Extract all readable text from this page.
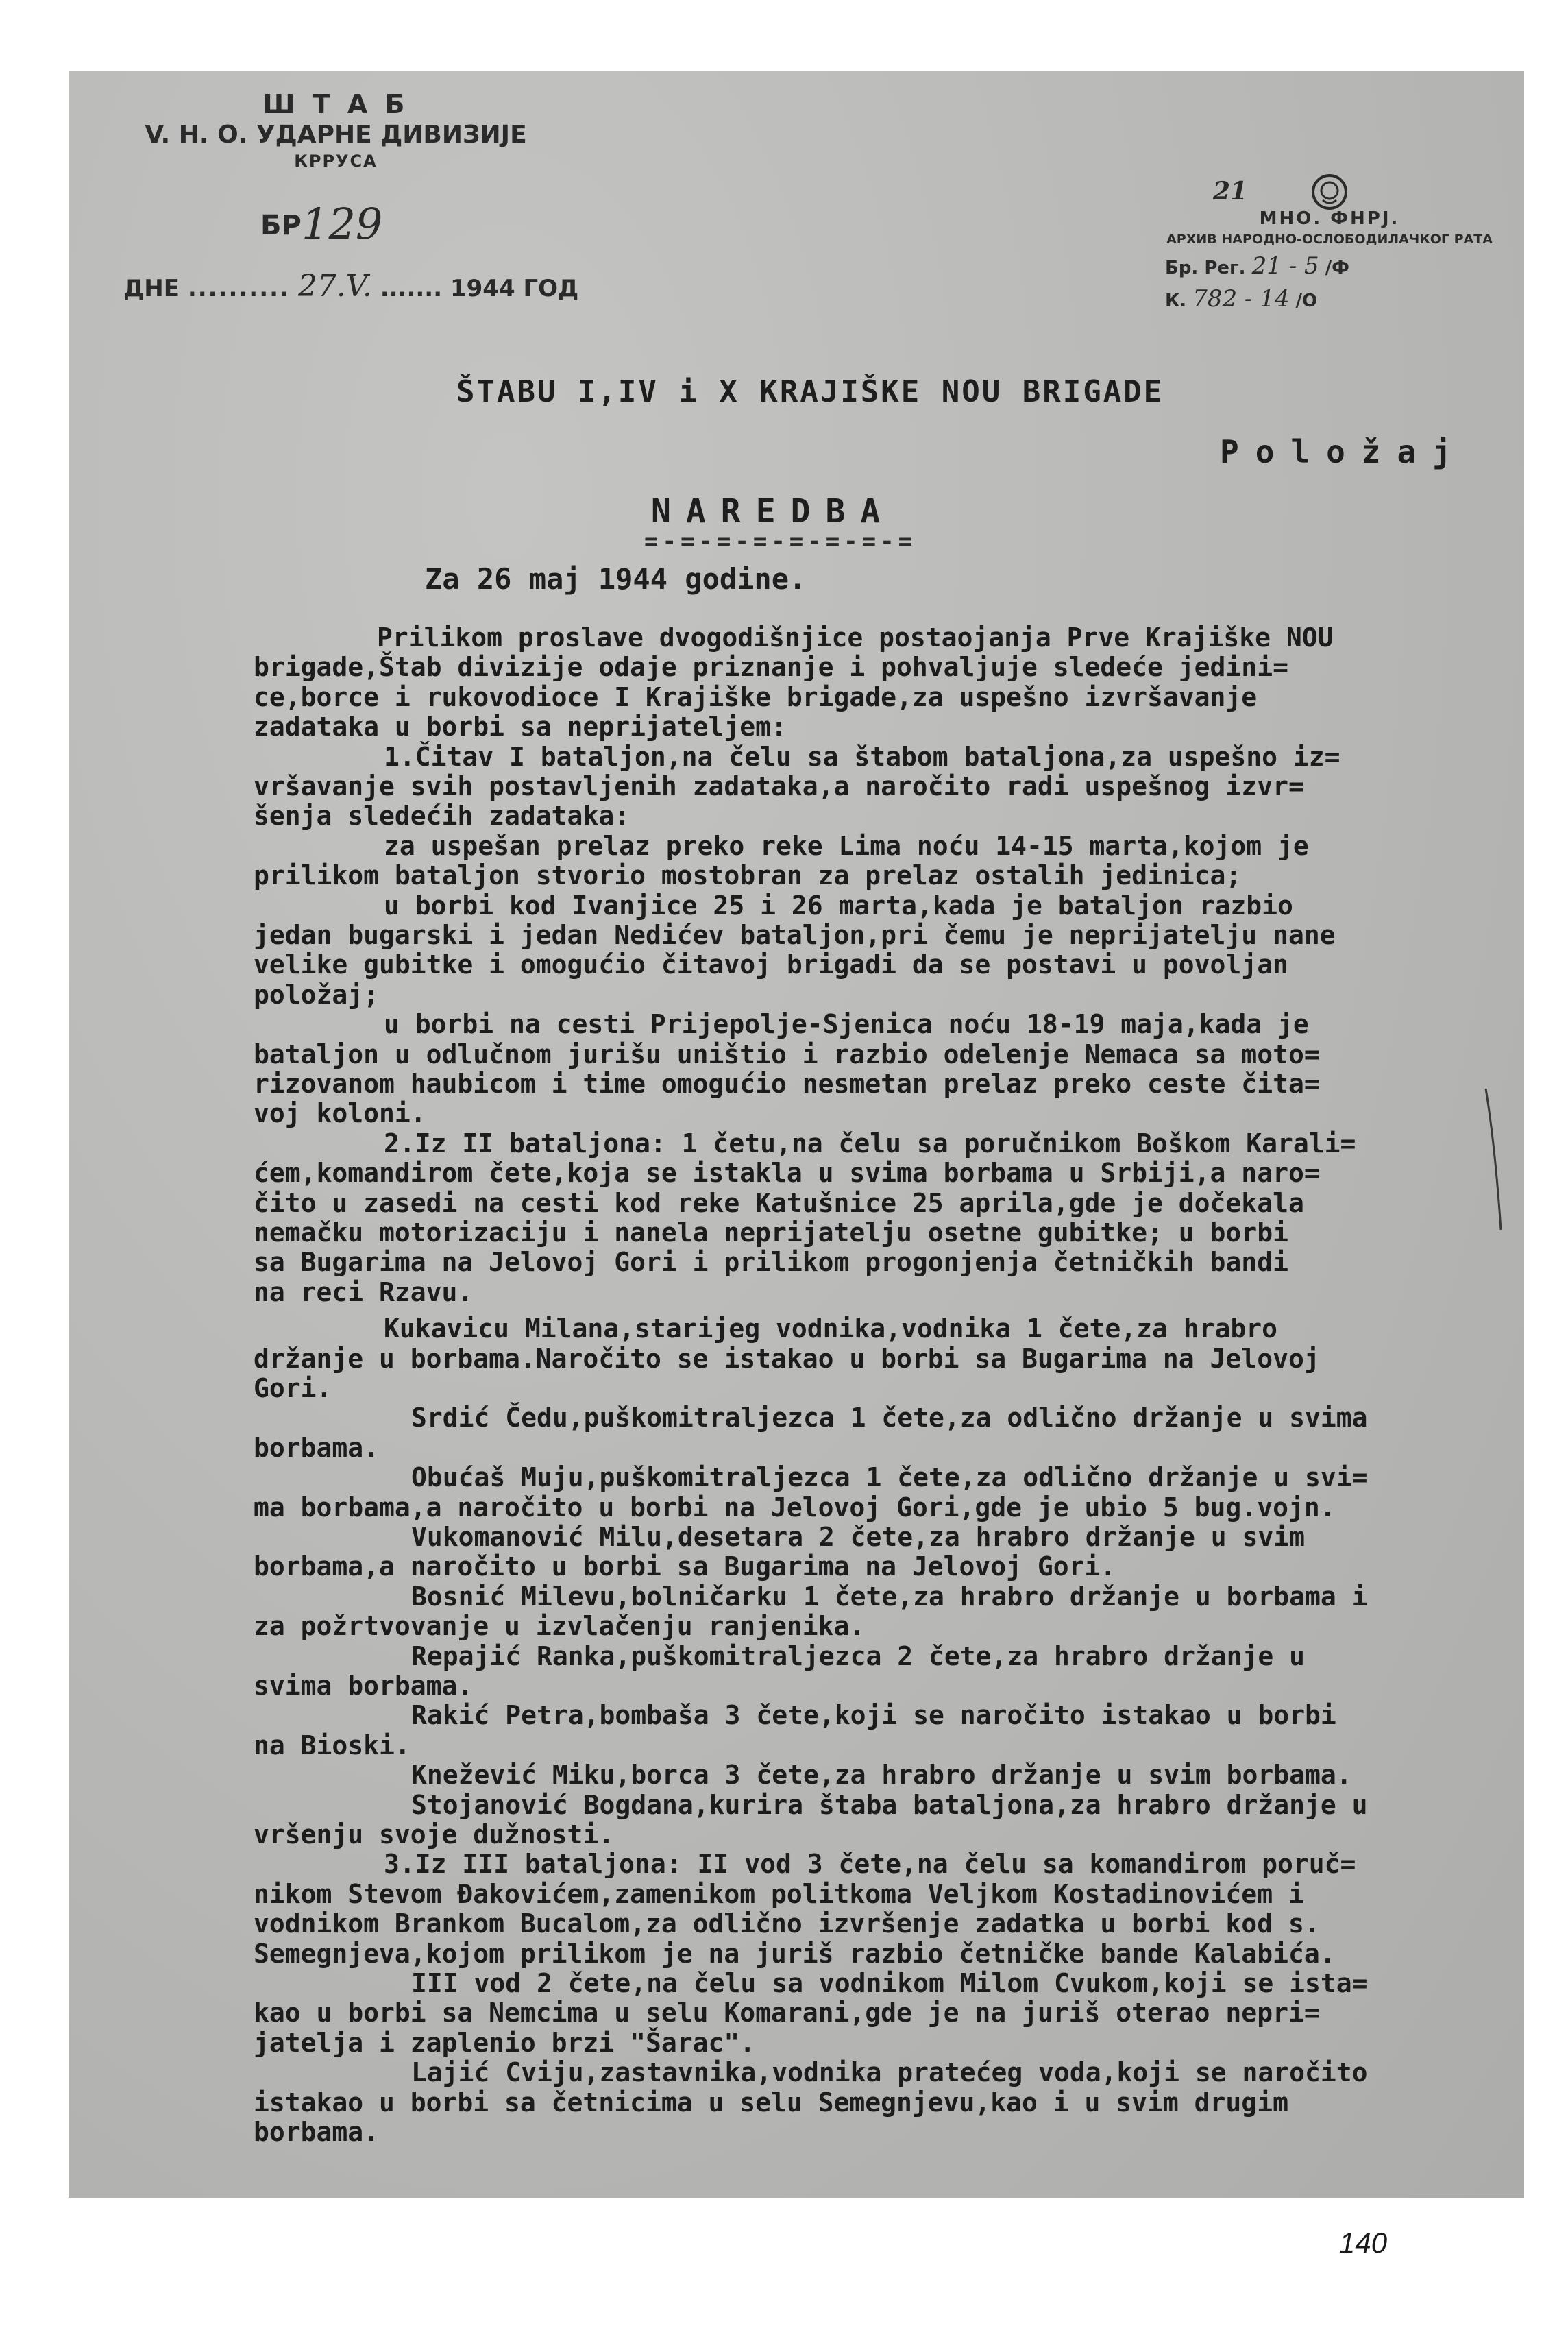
Ш Т А Б
V. Н. О. УДАРНЕ ДИВИЗИЈЕ
КРРУСА
БР 129
ДНЕ .......... 27.V. ....... 1944 ГОД
21
МНО. ФНРЈ.
АРХИВ НАРОДНО-ОСЛОБОДИЛАЧКОГ РАТА
Бр. Рег. 21 - 5 /Ф
К. 782 - 14 /О
ŠTABU I,IV i X KRAJIŠKE NOU BRIGADE
Položaj
NAREDBA
=-=-=-=-=-=-=-=
Za 26 maj 1944 godine.
Prilikom proslave dvogodišnjice postaojanja Prve Krajiške NOU
brigade,Štab divizije odaje priznanje i pohvaljuje sledeće jedini=
ce,borce i rukovodioce I Krajiške brigade,za uspešno izvršavanje
zadataka u borbi sa neprijateljem:
1.Čitav I bataljon,na čelu sa štabom bataljona,za uspešno iz=
vršavanje svih postavljenih zadataka,a naročito radi uspešnog izvr=
šenja sledećih zadataka:
za uspešan prelaz preko reke Lima noću 14-15 marta,kojom je
prilikom bataljon stvorio mostobran za prelaz ostalih jedinica;
u borbi kod Ivanjice 25 i 26 marta,kada je bataljon razbio
jedan bugarski i jedan Nedićev bataljon,pri čemu je neprijatelju nane
velike gubitke i omogućio čitavoj brigadi da se postavi u povoljan
položaj;
u borbi na cesti Prijepolje-Sjenica noću 18-19 maja,kada je
bataljon u odlučnom jurišu uništio i razbio odelenje Nemaca sa moto=
rizovanom haubicom i time omogućio nesmetan prelaz preko ceste čita=
voj koloni.
2.Iz II bataljona: 1 četu,na čelu sa poručnikom Boškom Karali=
ćem,komandirom čete,koja se istakla u svima borbama u Srbiji,a naro=
čito u zasedi na cesti kod reke Katušnice 25 aprila,gde je dočekala
nemačku motorizaciju i nanela neprijatelju osetne gubitke; u borbi
sa Bugarima na Jelovoj Gori i prilikom progonjenja četničkih bandi
na reci Rzavu.
Kukavicu Milana,starijeg vodnika,vodnika 1 čete,za hrabro
držanje u borbama.Naročito se istakao u borbi sa Bugarima na Jelovoj
Gori.
Srdić Čedu,puškomitraljezca 1 čete,za odlično držanje u svima
borbama.
Obućaš Muju,puškomitraljezca 1 čete,za odlično držanje u svi=
ma borbama,a naročito u borbi na Jelovoj Gori,gde je ubio 5 bug.vojn.
Vukomanović Milu,desetara 2 čete,za hrabro držanje u svim
borbama,a naročito u borbi sa Bugarima na Jelovoj Gori.
Bosnić Milevu,bolničarku 1 čete,za hrabro držanje u borbama i
za požrtvovanje u izvlačenju ranjenika.
Repajić Ranka,puškomitraljezca 2 čete,za hrabro držanje u
svima borbama.
Rakić Petra,bombaša 3 čete,koji se naročito istakao u borbi
na Bioski.
Knežević Miku,borca 3 čete,za hrabro držanje u svim borbama.
Stojanović Bogdana,kurira štaba bataljona,za hrabro držanje u
vršenju svoje dužnosti.
3.Iz III bataljona: II vod 3 čete,na čelu sa komandirom poruč=
nikom Stevom Đakovićem,zamenikom politkoma Veljkom Kostadinovićem i
vodnikom Brankom Bucalom,za odlično izvršenje zadatka u borbi kod s.
Semegnjeva,kojom prilikom je na juriš razbio četničke bande Kalabića.
III vod 2 čete,na čelu sa vodnikom Milom Cvukom,koji se ista=
kao u borbi sa Nemcima u selu Komarani,gde je na juriš oterao nepri=
jatelja i zaplenio brzi "Šarac".
Lajić Cviju,zastavnika,vodnika pratećeg voda,koji se naročito
istakao u borbi sa četnicima u selu Semegnjevu,kao i u svim drugim
borbama.
140
